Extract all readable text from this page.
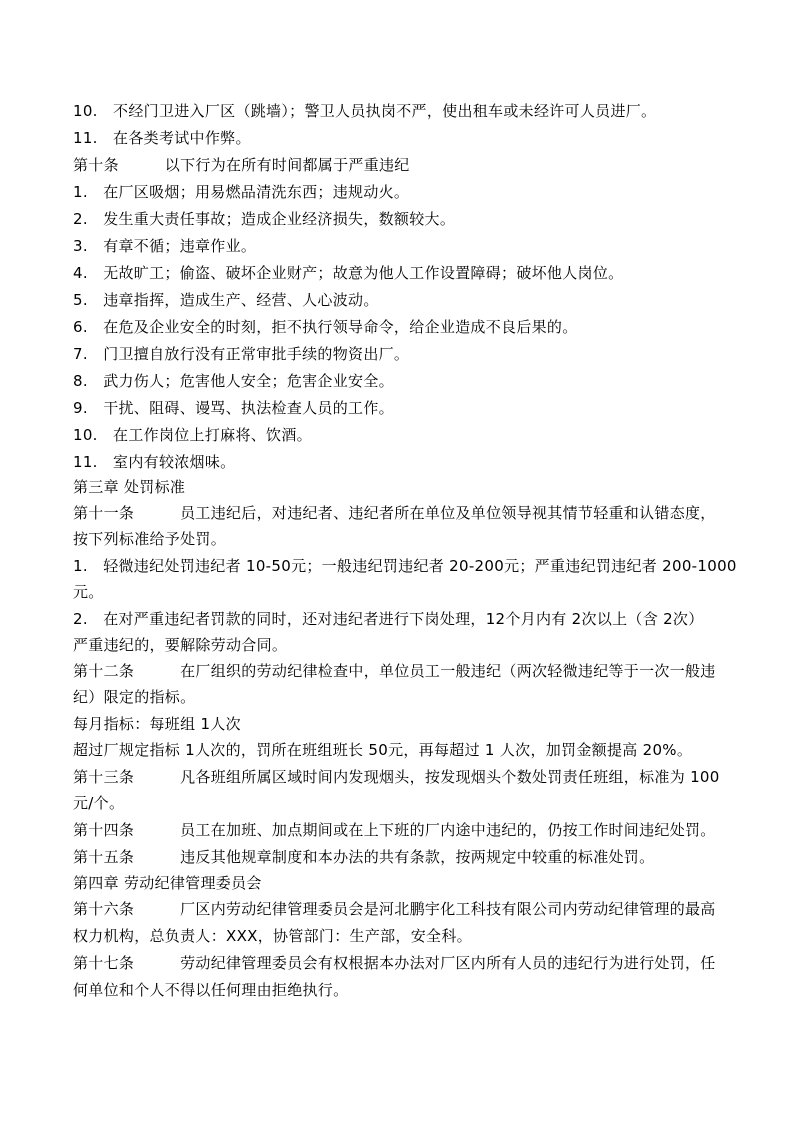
10.　不经门卫进入厂区（跳墙）；警卫人员执岗不严，使出租车或未经许可人员进厂。
11.　在各类考试中作弊。
第十条　　　以下行为在所有时间都属于严重违纪
1.　在厂区吸烟；用易燃品清洗东西；违规动火。
2.　发生重大责任事故；造成企业经济损失，数额较大。
3.　有章不循；违章作业。
4.　无故旷工；偷盗、破坏企业财产；故意为他人工作设置障碍；破坏他人岗位。
5.　违章指挥，造成生产、经营、人心波动。
6.　在危及企业安全的时刻，拒不执行领导命令，给企业造成不良后果的。
7.　门卫擅自放行没有正常审批手续的物资出厂。
8.　武力伤人；危害他人安全；危害企业安全。
9.　干扰、阻碍、谩骂、执法检查人员的工作。
10.　在工作岗位上打麻将、饮酒。
11.　室内有较浓烟味。
第三章 处罚标准
第十一条　　　员工违纪后，对违纪者、违纪者所在单位及单位领导视其情节轻重和认错态度，
按下列标准给予处罚。
1.　轻微违纪处罚违纪者 10-50元；一般违纪罚违纪者 20-200元；严重违纪罚违纪者 200-1000
元。
2.　在对严重违纪者罚款的同时，还对违纪者进行下岗处理，12个月内有 2次以上（含 2次）
严重违纪的，要解除劳动合同。
第十二条　　　在厂组织的劳动纪律检查中，单位员工一般违纪（两次轻微违纪等于一次一般违
纪）限定的指标。
每月指标：每班组 1人次
超过厂规定指标 1人次的，罚所在班组班长 50元，再每超过 1 人次，加罚金额提高 20%。
第十三条　　　凡各班组所属区域时间内发现烟头，按发现烟头个数处罚责任班组，标准为 100
元/个。
第十四条　　　员工在加班、加点期间或在上下班的厂内途中违纪的，仍按工作时间违纪处罚。
第十五条　　　违反其他规章制度和本办法的共有条款，按两规定中较重的标准处罚。
第四章 劳动纪律管理委员会
第十六条　　　厂区内劳动纪律管理委员会是河北鹏宇化工科技有限公司内劳动纪律管理的最高
权力机构，总负责人：XXX，协管部门：生产部，安全科。
第十七条　　　劳动纪律管理委员会有权根据本办法对厂区内所有人员的违纪行为进行处罚，任
何单位和个人不得以任何理由拒绝执行。
